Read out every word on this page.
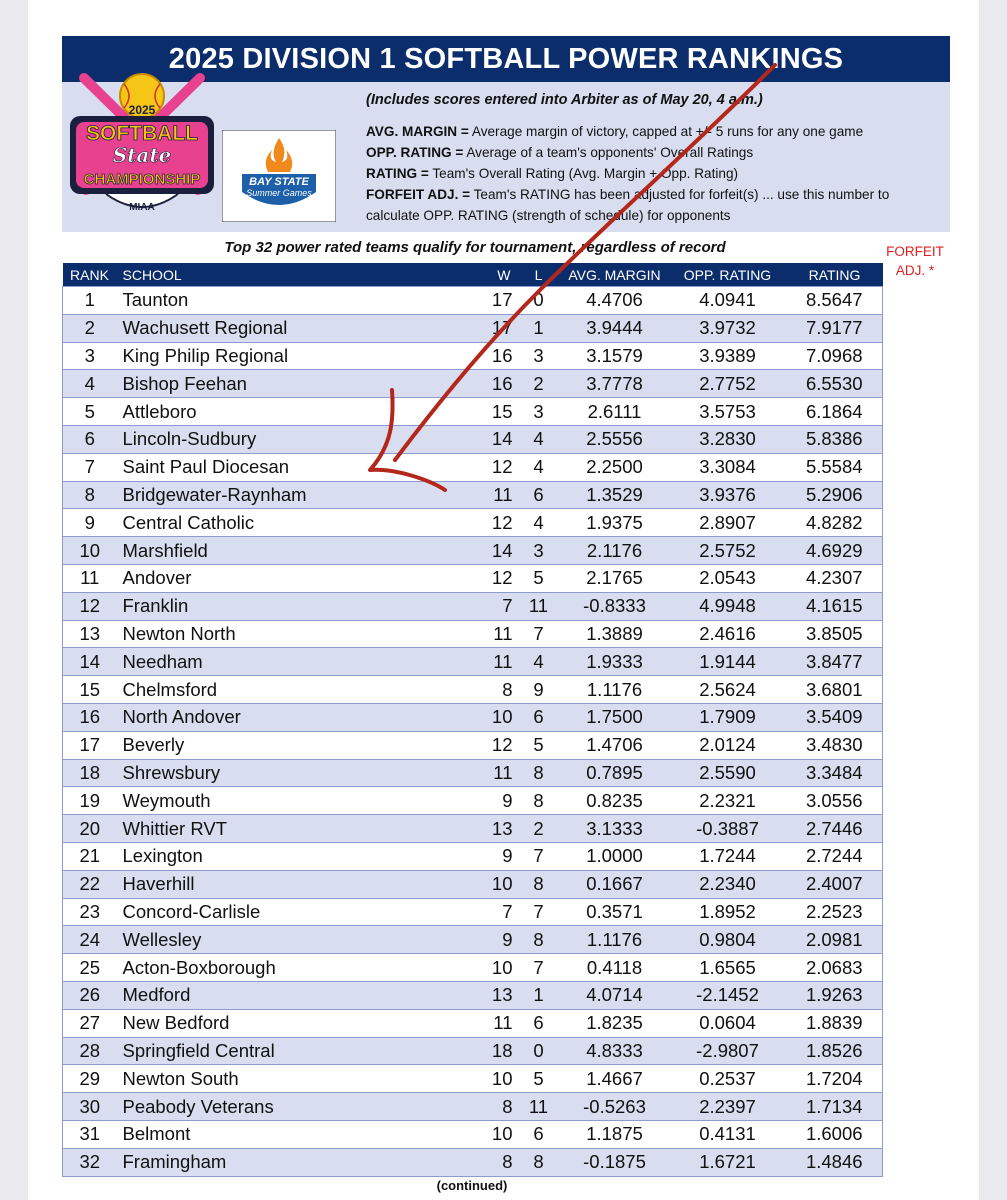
2025 DIVISION 1 SOFTBALL POWER RANKINGS
2025
SOFTBALL
State
CHAMPIONSHIP
MIAA
BAY STATE
Summer Games
(Includes scores entered into Arbiter as of May 20, 4 a.m.)
AVG. MARGIN = Average margin of victory, capped at +/- 5 runs for any one game
OPP. RATING = Average of a team's opponents' Overall Ratings
RATING = Team's Overall Rating (Avg. Margin + Opp. Rating)
FORFEIT ADJ. = Team's RATING has been adjusted for forfeit(s) ... use this number to calculate OPP. RATING (strength of schedule) for opponents
Top 32 power rated teams qualify for tournament, regardless of record	FORFEIT
ADJ. *
RANK	SCHOOL	W	L	AVG. MARGIN	OPP. RATING	RATING
1	Taunton	17	0	4.4706	4.0941	8.5647
2	Wachusett Regional	17	1	3.9444	3.9732	7.9177
3	King Philip Regional	16	3	3.1579	3.9389	7.0968
4	Bishop Feehan	16	2	3.7778	2.7752	6.5530
5	Attleboro	15	3	2.6111	3.5753	6.1864
6	Lincoln-Sudbury	14	4	2.5556	3.2830	5.8386
7	Saint Paul Diocesan	12	4	2.2500	3.3084	5.5584
8	Bridgewater-Raynham	11	6	1.3529	3.9376	5.2906
9	Central Catholic	12	4	1.9375	2.8907	4.8282
10	Marshfield	14	3	2.1176	2.5752	4.6929
11	Andover	12	5	2.1765	2.0543	4.2307
12	Franklin	7	11	-0.8333	4.9948	4.1615
13	Newton North	11	7	1.3889	2.4616	3.8505
14	Needham	11	4	1.9333	1.9144	3.8477
15	Chelmsford	8	9	1.1176	2.5624	3.6801
16	North Andover	10	6	1.7500	1.7909	3.5409
17	Beverly	12	5	1.4706	2.0124	3.4830
18	Shrewsbury	11	8	0.7895	2.5590	3.3484
19	Weymouth	9	8	0.8235	2.2321	3.0556
20	Whittier RVT	13	2	3.1333	-0.3887	2.7446
21	Lexington	9	7	1.0000	1.7244	2.7244
22	Haverhill	10	8	0.1667	2.2340	2.4007
23	Concord-Carlisle	7	7	0.3571	1.8952	2.2523
24	Wellesley	9	8	1.1176	0.9804	2.0981
25	Acton-Boxborough	10	7	0.4118	1.6565	2.0683
26	Medford	13	1	4.0714	-2.1452	1.9263
27	New Bedford	11	6	1.8235	0.0604	1.8839
28	Springfield Central	18	0	4.8333	-2.9807	1.8526
29	Newton South	10	5	1.4667	0.2537	1.7204
30	Peabody Veterans	8	11	-0.5263	2.2397	1.7134
31	Belmont	10	6	1.1875	0.4131	1.6006
32	Framingham	8	8	-0.1875	1.6721	1.4846
(continued)
